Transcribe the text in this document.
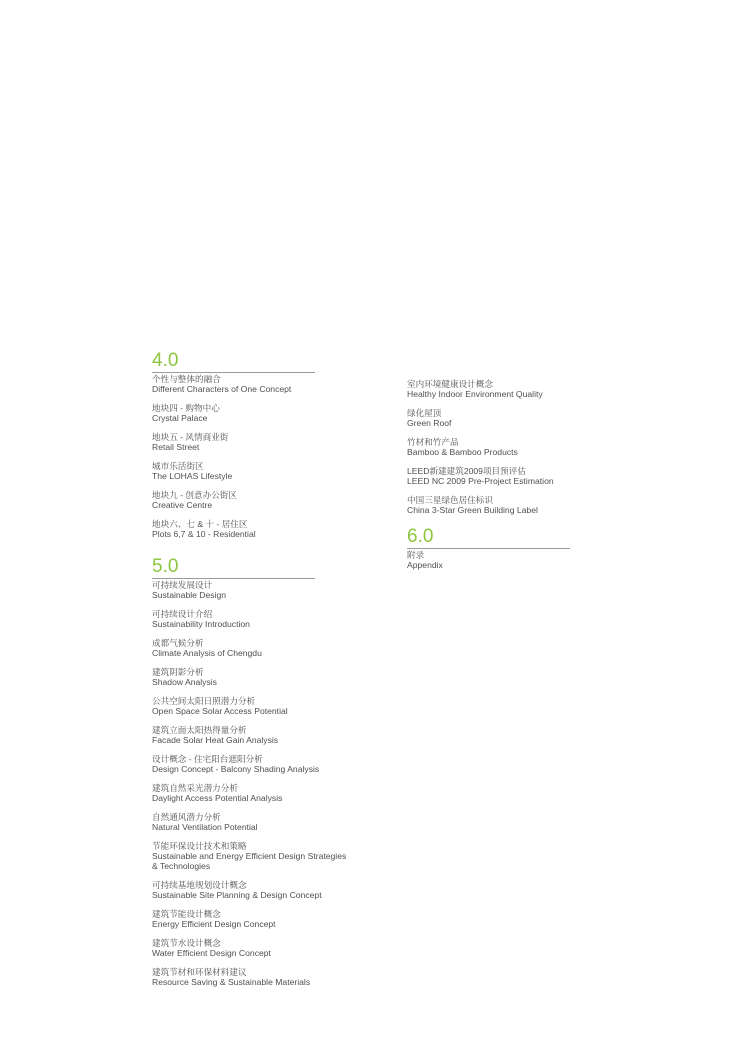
4.0
个性与整体的融合
Different Characters of One Concept
地块四 - 购物中心
Crystal Palace
地块五 - 风情商业街
Retail Street
城市乐活街区
The LOHAS Lifestyle
地块九 - 创意办公街区
Creative Centre
地块六、七 & 十 - 居住区
Plots 6,7 & 10 - Residential
5.0
可持续发展设计
Sustainable Design
可持续设计介绍
Sustainability Introduction
成都气候分析
Climate Analysis of Chengdu
建筑阴影分析
Shadow Analysis
公共空间太阳日照潜力分析
Open Space Solar Access Potential
建筑立面太阳热得量分析
Facade Solar Heat Gain Analysis
设计概念 - 住宅阳台遮阳分析
Design Concept - Balcony Shading Analysis
建筑自然采光潜力分析
Daylight Access Potential Analysis
自然通风潜力分析
Natural Ventilation Potential
节能环保设计技术和策略
Sustainable and Energy Efficient Design Strategies
& Technologies
可持续基地规划设计概念
Sustainable Site Planning & Design Concept
建筑节能设计概念
Energy Efficient Design Concept
建筑节水设计概念
Water Efficient Design Concept
建筑节材和环保材料建议
Resource Saving & Sustainable Materials
室内环境健康设计概念
Healthy Indoor Environment Quality
绿化屋顶
Green Roof
竹材和竹产品
Bamboo & Bamboo Products
LEED新建建筑2009项目预评估
LEED NC 2009 Pre-Project Estimation
中国三星绿色居住标识
China 3-Star Green Building Label
6.0
附录
Appendix
